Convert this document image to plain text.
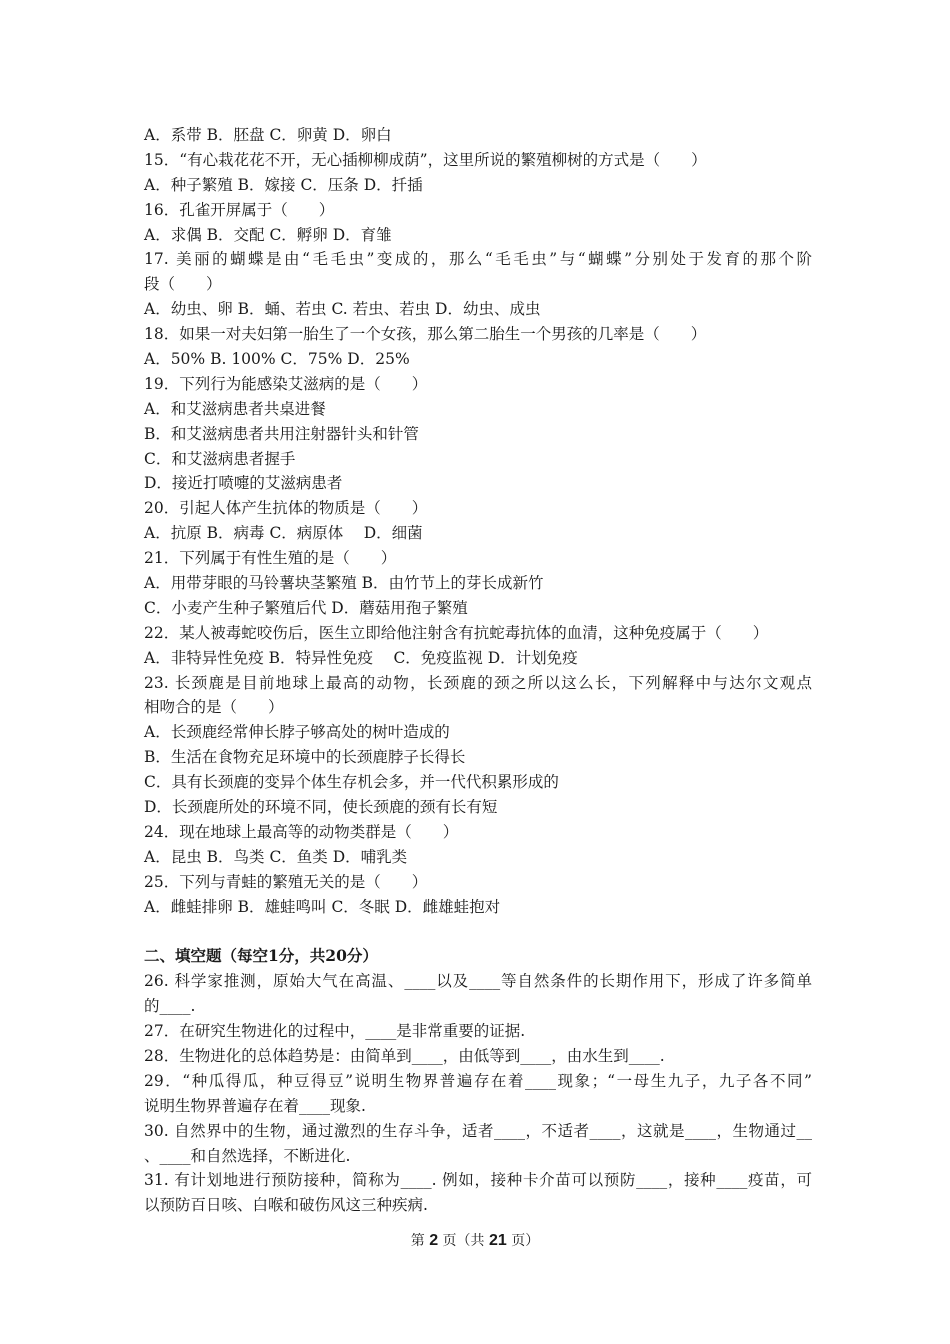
A．系带 B．胚盘 C．卵黄 D．卵白
15．“有心栽花花不开，无心插柳柳成荫”，这里所说的繁殖柳树的方式是（　　）
A．种子繁殖 B．嫁接 C．压条 D．扦插
16．孔雀开屏属于（　　）
A．求偶 B．交配 C．孵卵 D．育雏
17. 美丽的蝴蝶是由“毛毛虫”变成的，那么“毛毛虫”与“蝴蝶”分别处于发育的那个阶
段（　　）
A．幼虫、卵 B．蛹、若虫 C. 若虫、若虫 D．幼虫、成虫
18．如果一对夫妇第一胎生了一个女孩，那么第二胎生一个男孩的几率是（　　）
A．50% B. 100% C．75% D．25%
19．下列行为能感染艾滋病的是（　　）
A．和艾滋病患者共桌进餐
B．和艾滋病患者共用注射器针头和针管
C．和艾滋病患者握手
D．接近打喷嚏的艾滋病患者
20．引起人体产生抗体的物质是（　　）
A．抗原 B．病毒 C．病原体　 D．细菌
21．下列属于有性生殖的是（　　）
A．用带芽眼的马铃薯块茎繁殖 B．由竹节上的芽长成新竹
C．小麦产生种子繁殖后代 D．蘑菇用孢子繁殖
22．某人被毒蛇咬伤后，医生立即给他注射含有抗蛇毒抗体的血清，这种免疫属于（　　）
A．非特异性免疫 B．特异性免疫　 C．免疫监视 D．计划免疫
23. 长颈鹿是目前地球上最高的动物，长颈鹿的颈之所以这么长，下列解释中与达尔文观点
相吻合的是（　　）
A．长颈鹿经常伸长脖子够高处的树叶造成的
B．生活在食物充足环境中的长颈鹿脖子长得长
C．具有长颈鹿的变异个体生存机会多，并一代代积累形成的
D．长颈鹿所处的环境不同，使长颈鹿的颈有长有短
24．现在地球上最高等的动物类群是（　　）
A．昆虫 B．鸟类 C．鱼类 D．哺乳类
25．下列与青蛙的繁殖无关的是（　　）
A．雌蛙排卵 B．雄蛙鸣叫 C．冬眠 D．雌雄蛙抱对
二、填空题（每空1分，共20分）
26. 科学家推测，原始大气在高温、____以及____等自然条件的长期作用下，形成了许多简单
的____.
27．在研究生物进化的过程中，____是非常重要的证据.
28．生物进化的总体趋势是：由简单到____，由低等到____，由水生到____.
29．“种瓜得瓜，种豆得豆”说明生物界普遍存在着____现象；“一母生九子，九子各不同”
说明生物界普遍存在着____现象.
30. 自然界中的生物，通过激烈的生存斗争，适者____，不适者____，这就是____，生物通过__
、____和自然选择，不断进化.
31. 有计划地进行预防接种，简称为____. 例如，接种卡介苗可以预防____，接种____疫苗，可
以预防百日咳、白喉和破伤风这三种疾病.
第 2 页（共 21 页）
